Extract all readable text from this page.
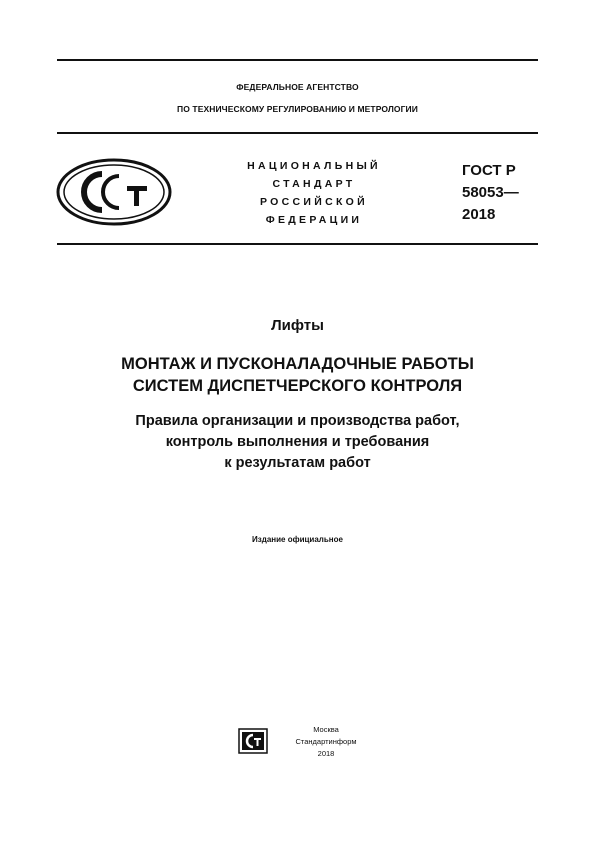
ФЕДЕРАЛЬНОЕ АГЕНТСТВО
ПО ТЕХНИЧЕСКОМУ РЕГУЛИРОВАНИЮ И МЕТРОЛОГИИ
НАЦИОНАЛЬНЫЙ
СТАНДАРТ
РОССИЙСКОЙ
ФЕДЕРАЦИИ
ГОСТ Р
58053—
2018
Лифты
МОНТАЖ И ПУСКОНАЛАДОЧНЫЕ РАБОТЫ
СИСТЕМ ДИСПЕТЧЕРСКОГО КОНТРОЛЯ
Правила организации и производства работ,
контроль выполнения и требования
к результатам работ
Издание официальное
Москва
Стандартинформ
2018
